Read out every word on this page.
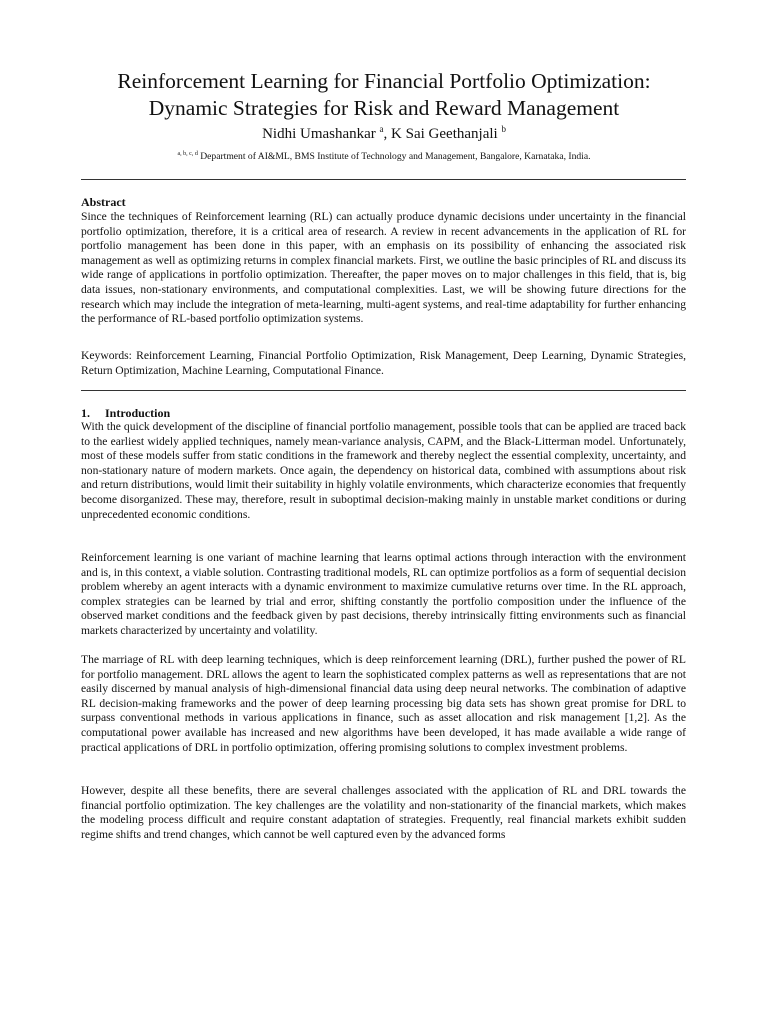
Reinforcement Learning for Financial Portfolio Optimization:
Dynamic Strategies for Risk and Reward Management
Nidhi Umashankar $^a$, K Sai Geethanjali $^b$
$^{a, b, c, d}$ Department of AI&ML, BMS Institute of Technology and Management, Bangalore, Karnataka, India.
Abstract
Since the techniques of Reinforcement learning (RL) can actually produce dynamic decisions under uncertainty in the financial portfolio optimization, therefore, it is a critical area of research. A review in recent advancements in the application of RL for portfolio management has been done in this paper, with an emphasis on its possibility of enhancing the associated risk management as well as optimizing returns in complex financial markets. First, we outline the basic principles of RL and discuss its wide range of applications in portfolio optimization. Thereafter, the paper moves on to major challenges in this field, that is, big data issues, non-stationary environments, and computational complexities. Last, we will be showing future directions for the research which may include the integration of meta-learning, multi-agent systems, and real-time adaptability for further enhancing the performance of RL-based portfolio optimization systems.
Keywords: Reinforcement Learning, Financial Portfolio Optimization, Risk Management, Deep Learning, Dynamic Strategies, Return Optimization, Machine Learning, Computational Finance.
1. Introduction
With the quick development of the discipline of financial portfolio management, possible tools that can be applied are traced back to the earliest widely applied techniques, namely mean-variance analysis, CAPM, and the Black-Litterman model. Unfortunately, most of these models suffer from static conditions in the framework and thereby neglect the essential complexity, uncertainty, and non-stationary nature of modern markets. Once again, the dependency on historical data, combined with assumptions about risk and return distributions, would limit their suitability in highly volatile environments, which characterize economies that frequently become disorganized. These may, therefore, result in suboptimal decision-making mainly in unstable market conditions or during unprecedented economic conditions.
Reinforcement learning is one variant of machine learning that learns optimal actions through interaction with the environment and is, in this context, a viable solution. Contrasting traditional models, RL can optimize portfolios as a form of sequential decision problem whereby an agent interacts with a dynamic environment to maximize cumulative returns over time. In the RL approach, complex strategies can be learned by trial and error, shifting constantly the portfolio composition under the influence of the observed market conditions and the feedback given by past decisions, thereby intrinsically fitting environments such as financial markets characterized by uncertainty and volatility.
The marriage of RL with deep learning techniques, which is deep reinforcement learning (DRL), further pushed the power of RL for portfolio management. DRL allows the agent to learn the sophisticated complex patterns as well as representations that are not easily discerned by manual analysis of high-dimensional financial data using deep neural networks. The combination of adaptive RL decision-making frameworks and the power of deep learning processing big data sets has shown great promise for DRL to surpass conventional methods in various applications in finance, such as asset allocation and risk management [1,2]. As the computational power available has increased and new algorithms have been developed, it has made available a wide range of practical applications of DRL in portfolio optimization, offering promising solutions to complex investment problems.
However, despite all these benefits, there are several challenges associated with the application of RL and DRL towards the financial portfolio optimization. The key challenges are the volatility and non-stationarity of the financial markets, which makes the modeling process difficult and require constant adaptation of strategies. Frequently, real financial markets exhibit sudden regime shifts and trend changes, which cannot be well captured even by the advanced forms
